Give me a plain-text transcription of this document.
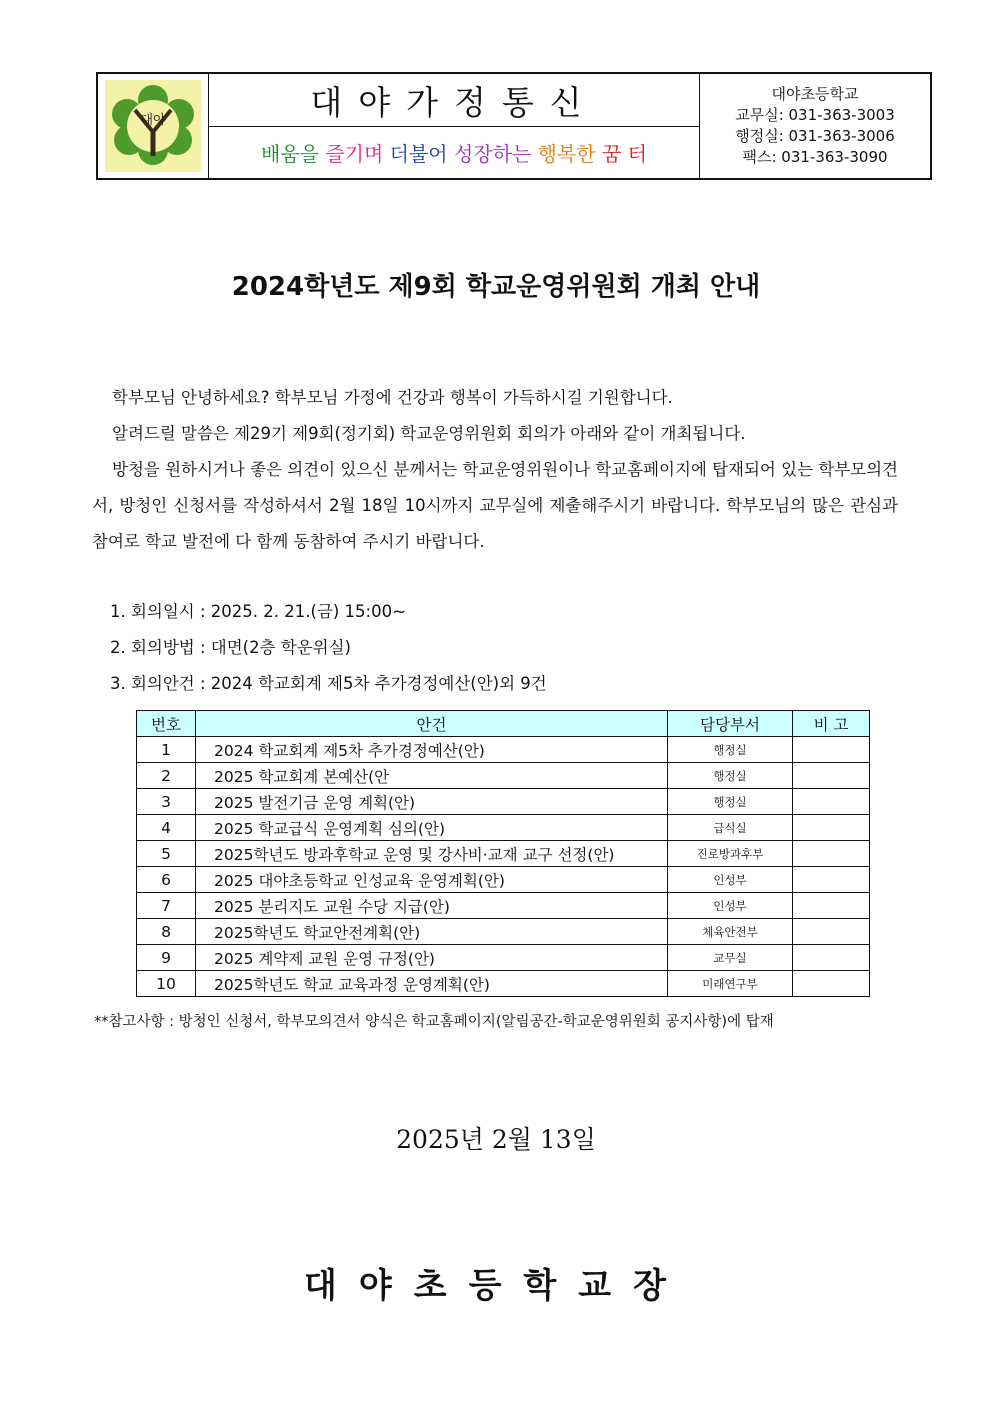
대야	대야가정통신
배움을 즐기며 더불어 성장하는 행복한 꿈 터
대야초등학교
교무실: 031-363-3003
행정실: 031-363-3006
팩스: 031-363-3090
2024학년도 제9회 학교운영위원회 개최 안내

학부모님 안녕하세요? 학부모님 가정에 건강과 행복이 가득하시길 기원합니다.

알려드릴 말씀은 제29기 제9회(정기회) 학교운영위원회 회의가 아래와 같이 개최됩니다.

방청을 원하시거나 좋은 의견이 있으신 분께서는 학교운영위원이나 학교홈페이지에 탑재되어 있는 학부모의견서, 방청인 신청서를 작성하셔서 2월 18일 10시까지 교무실에 제출해주시기 바랍니다. 학부모님의 많은 관심과 참여로 학교 발전에 다 함께 동참하여 주시기 바랍니다.

1. 회의일시 : 2025. 2. 21.(금) 15:00~
2. 회의방법 : 대면(2층 학운위실)
3. 회의안건 : 2024 학교회계 제5차 추가경정예산(안)외 9건
번호	안건	담당부서	비 고
1	2024 학교회계 제5차 추가경정예산(안)	행정실	
2	2025 학교회계 본예산(안	행정실	
3	2025 발전기금 운영 계획(안)	행정실	
4	2025 학교급식 운영계획 심의(안)	급식실	
5	2025학년도 방과후학교 운영 및 강사비·교재 교구 선정(안)	진로방과후부	
6	2025 대야초등학교 인성교육 운영계획(안)	인성부	
7	2025 분리지도 교원 수당 지급(안)	인성부	
8	2025학년도 학교안전계획(안)	체육안전부	
9	2025 계약제 교원 운영 규정(안)	교무실	
10	2025학년도 학교 교육과정 운영계획(안)	미래연구부	
**참고사항 : 방청인 신청서, 학부모의견서 양식은 학교홈페이지(알림공간-학교운영위원회 공지사항)에 탑재
2025년 2월 13일
대야초등학교장
